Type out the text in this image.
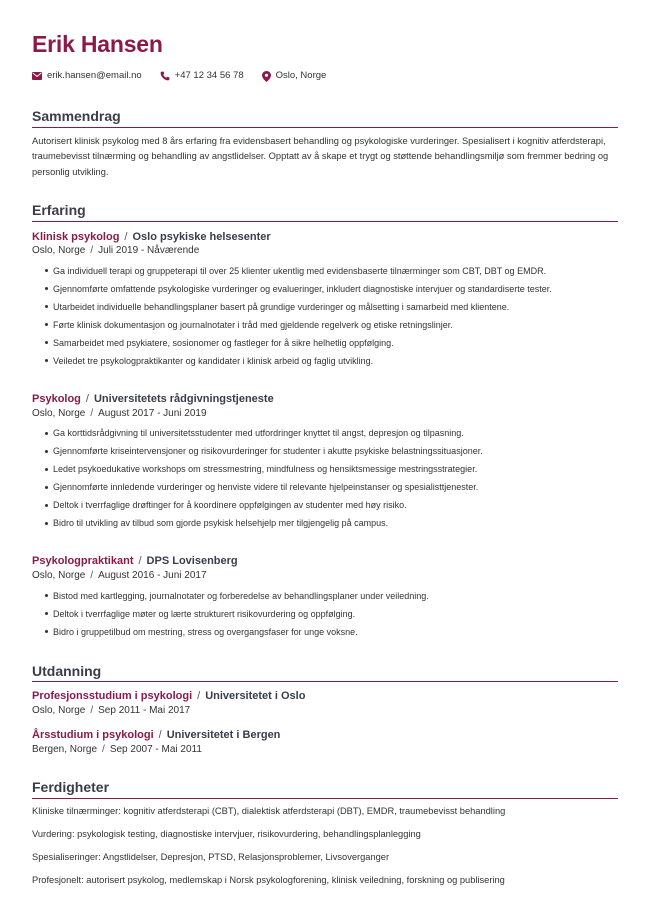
Erik Hansen
erik.hansen@email.no	+47 12 34 56 78	Oslo, Norge
Sammendrag

Autorisert klinisk psykolog med 8 års erfaring fra evidensbasert behandling og psykologiske vurderinger. Spesialisert i kognitiv atferdsterapi, traumebevisst tilnærming og behandling av angstlidelser. Opptatt av å skape et trygt og støttende behandlingsmiljø som fremmer bedring og personlig utvikling.

Erfaring
Klinisk psykolog / Oslo psykiske helsesenter
Oslo, Norge / Juli 2019 - Nåværende
Ga individuell terapi og gruppeterapi til over 25 klienter ukentlig med evidensbaserte tilnærminger som CBT, DBT og EMDR.
Gjennomførte omfattende psykologiske vurderinger og evalueringer, inkludert diagnostiske intervjuer og standardiserte tester.
Utarbeidet individuelle behandlingsplaner basert på grundige vurderinger og målsetting i samarbeid med klientene.
Førte klinisk dokumentasjon og journalnotater i tråd med gjeldende regelverk og etiske retningslinjer.
Samarbeidet med psykiatere, sosionomer og fastleger for å sikre helhetlig oppfølging.
Veiledet tre psykologpraktikanter og kandidater i klinisk arbeid og faglig utvikling.
Psykolog / Universitetets rådgivningstjeneste
Oslo, Norge / August 2017 - Juni 2019
Ga korttidsrådgivning til universitetsstudenter med utfordringer knyttet til angst, depresjon og tilpasning.
Gjennomførte kriseintervensjoner og risikovurderinger for studenter i akutte psykiske belastningssituasjoner.
Ledet psykoedukative workshops om stressmestring, mindfulness og hensiktsmessige mestringsstrategier.
Gjennomførte innledende vurderinger og henviste videre til relevante hjelpeinstanser og spesialisttjenester.
Deltok i tverrfaglige drøftinger for å koordinere oppfølgingen av studenter med høy risiko.
Bidro til utvikling av tilbud som gjorde psykisk helsehjelp mer tilgjengelig på campus.
Psykologpraktikant / DPS Lovisenberg
Oslo, Norge / August 2016 - Juni 2017
Bistod med kartlegging, journalnotater og forberedelse av behandlingsplaner under veiledning.
Deltok i tverrfaglige møter og lærte strukturert risikovurdering og oppfølging.
Bidro i gruppetilbud om mestring, stress og overgangsfaser for unge voksne.
Utdanning
Profesjonsstudium i psykologi / Universitetet i Oslo
Oslo, Norge / Sep 2011 - Mai 2017
Årsstudium i psykologi / Universitetet i Bergen
Bergen, Norge / Sep 2007 - Mai 2011
Ferdigheter
Kliniske tilnærminger: kognitiv atferdsterapi (CBT), dialektisk atferdsterapi (DBT), EMDR, traumebevisst behandling
Vurdering: psykologisk testing, diagnostiske intervjuer, risikovurdering, behandlingsplanlegging
Spesialiseringer: Angstlidelser, Depresjon, PTSD, Relasjonsproblemer, Livsoverganger
Profesjonelt: autorisert psykolog, medlemskap i Norsk psykologforening, klinisk veiledning, forskning og publisering
